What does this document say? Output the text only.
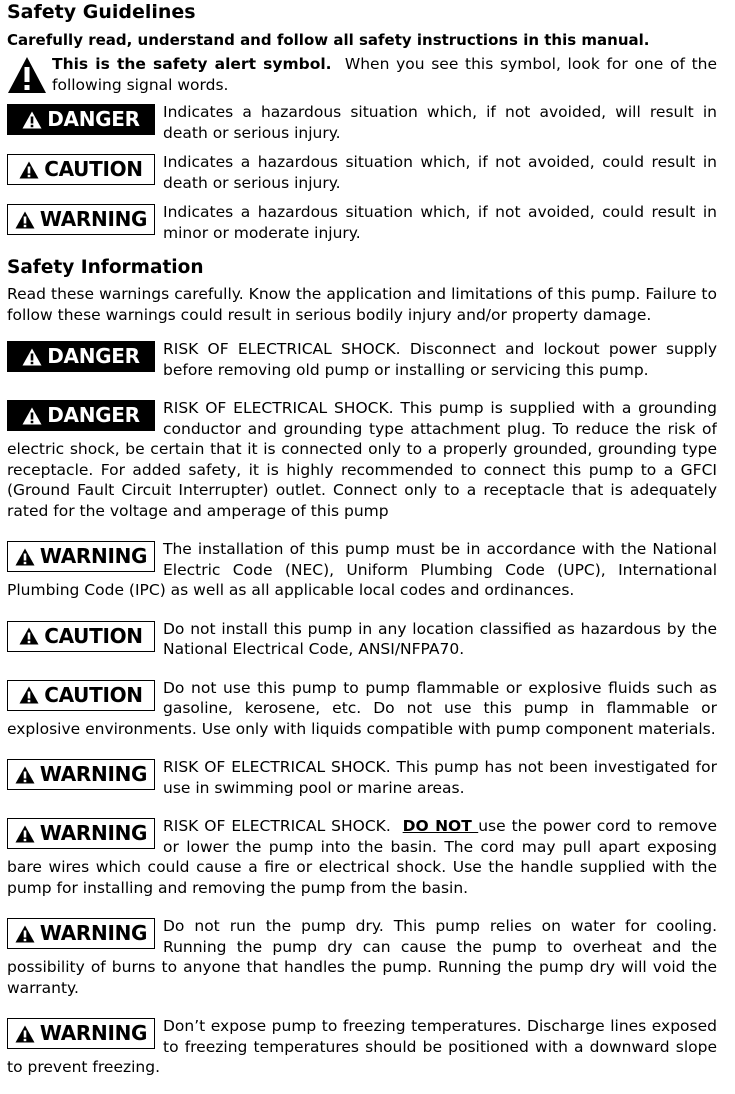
Safety Guidelines
Carefully read, understand and follow all safety instructions in this manual.
This is the safety alert symbol. When you see this symbol, look for one of the following signal words.
DANGER Indicates a hazardous situation which, if not avoided, will result in death or serious injury.
CAUTION Indicates a hazardous situation which, if not avoided, could result in death or serious injury.
WARNING Indicates a hazardous situation which, if not avoided, could result in minor or moderate injury.
Safety Information

Read these warnings carefully. Know the application and limitations of this pump. Failure to follow these warnings could result in serious bodily injury and/or property damage.

DANGER RISK OF ELECTRICAL SHOCK. Disconnect and lockout power supply before removing old pump or installing or servicing this pump.
DANGER RISK OF ELECTRICAL SHOCK. This pump is supplied with a grounding conductor and grounding type attachment plug. To reduce the risk of electric shock, be certain that it is connected only to a properly grounded, grounding type receptacle. For added safety, it is highly recommended to connect this pump to a GFCI (Ground Fault Circuit Interrupter) outlet. Connect only to a receptacle that is adequately rated for the voltage and amperage of this pump
WARNING The installation of this pump must be in accordance with the National Electric Code (NEC), Uniform Plumbing Code (UPC), International Plumbing Code (IPC) as well as all applicable local codes and ordinances.
CAUTION Do not install this pump in any location classified as hazardous by the National Electrical Code, ANSI/NFPA70.
CAUTION Do not use this pump to pump flammable or explosive fluids such as gasoline, kerosene, etc. Do not use this pump in flammable or explosive environments. Use only with liquids compatible with pump component materials.
WARNING RISK OF ELECTRICAL SHOCK. This pump has not been investigated for use in swimming pool or marine areas.
WARNING RISK OF ELECTRICAL SHOCK.  DO NOT use the power cord to remove or lower the pump into the basin. The cord may pull apart exposing bare wires which could cause a fire or electrical shock. Use the handle supplied with the pump for installing and removing the pump from the basin.
WARNING Do not run the pump dry. This pump relies on water for cooling. Running the pump dry can cause the pump to overheat and the possibility of burns to anyone that handles the pump. Running the pump dry will void the warranty.
WARNING Don’t expose pump to freezing temperatures. Discharge lines exposed to freezing temperatures should be positioned with a downward slope to prevent freezing.
